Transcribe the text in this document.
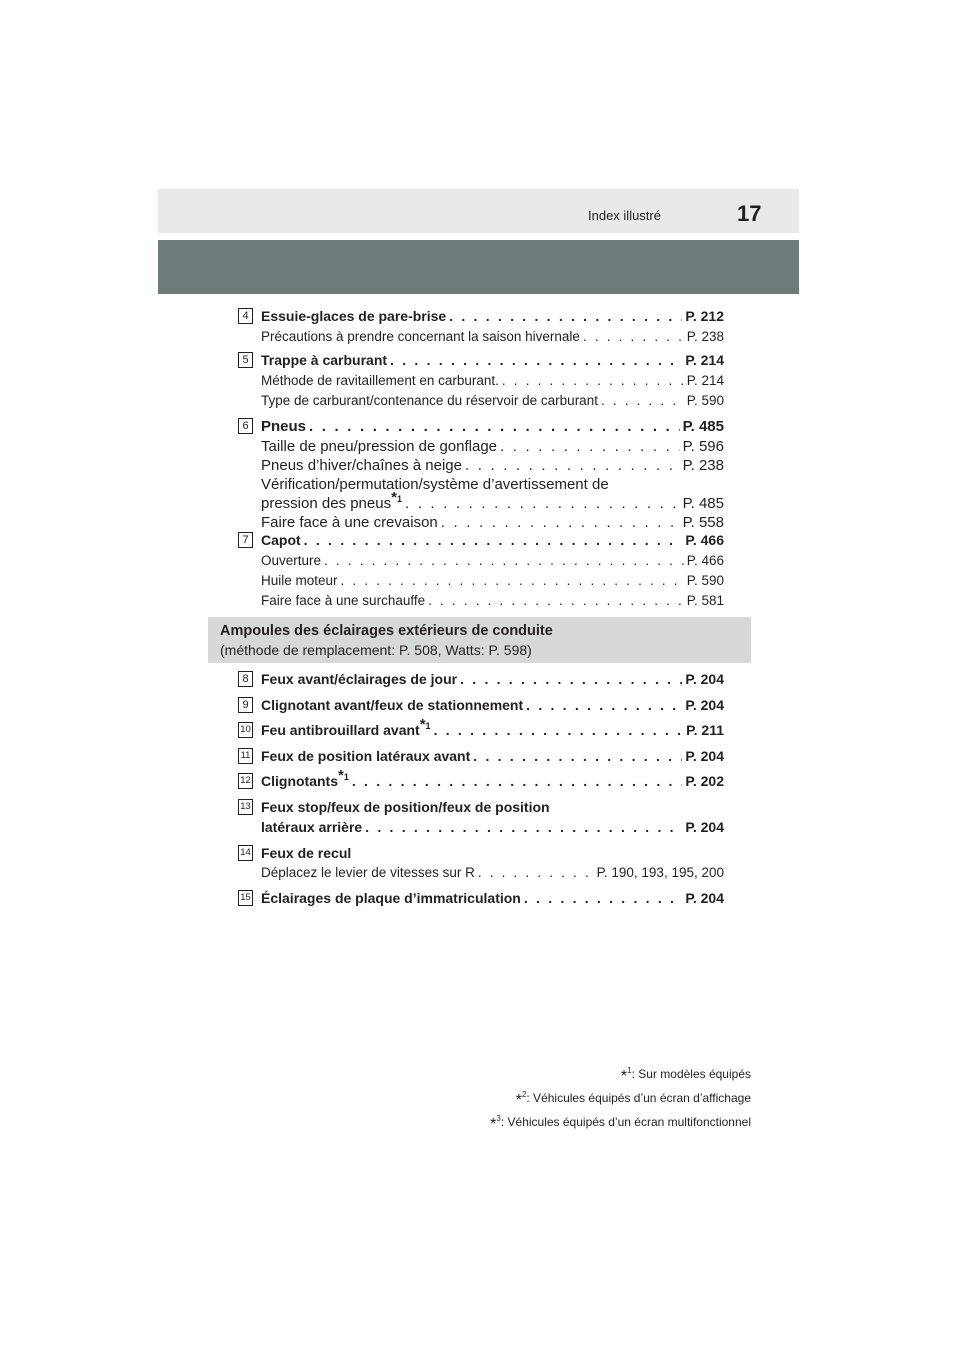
Index illustré	17
4 Essuie-glaces de pare-brise . . .	P. 212
Précautions à prendre concernant la saison hivernale . . .	P. 238
5 Trappe à carburant . . .	P. 214
Méthode de ravitaillement en carburant. . . .	P. 214
Type de carburant/contenance du réservoir de carburant . . .	P. 590
6 Pneus . . .	P. 485
Taille de pneu/pression de gonflage . . .	P. 596
Pneus d’hiver/chaînes à neige . . .	P. 238
Vérification/permutation/système d’avertissement de
pression des pneus$^{*1}$ . . .	P. 485
Faire face à une crevaison . . .	P. 558
7 Capot . . .	P. 466
Ouverture . . .	P. 466
Huile moteur . . .	P. 590
Faire face à une surchauffe . . .	P. 581
8 Feux avant/éclairages de jour . . .	P. 204
9 Clignotant avant/feux de stationnement . . .	P. 204
10 Feu antibrouillard avant$^{*1}$ . . .	P. 211
11 Feux de position latéraux avant . . .	P. 204
12 Clignotants$^{*1}$ . . .	P. 202
13 Feux stop/feux de position/feux de position
latéraux arrière . . .	P. 204
14 Feux de recul
Déplacez le levier de vitesses sur R . . .	P. 190, 193, 195, 200
15 Éclairages de plaque d’immatriculation . . .	P. 204
Ampoules des éclairages extérieurs de conduite
(méthode de remplacement: P. 508, Watts: P. 598)
*$^1$: Sur modèles équipés
*$^2$: Véhicules équipés d’un écran d’affichage
*$^3$: Véhicules équipés d’un écran multifonctionnel
